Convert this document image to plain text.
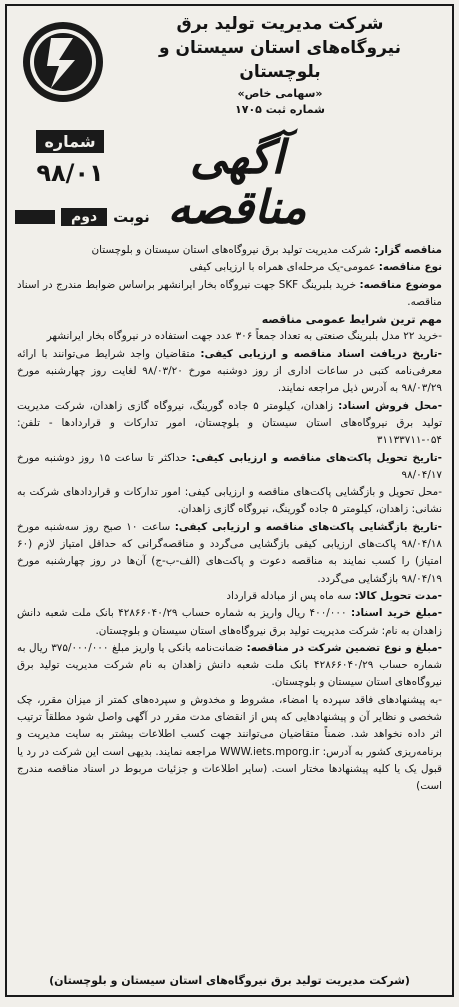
شرکت مدیریت تولید برق
نیروگاه‌های استان سیستان و بلوچستان
«سهامی خاص»
شماره ثبت ۱۷۰۵
آگهی مناقصه
شماره
۹۸/۰۱
نوبت
دوم

مناقصه گزار: شرکت مدیریت تولید برق نیروگاه‌های استان سیستان و بلوچستان

نوع مناقصه: عمومی-یک مرحله‌ای همراه با ارزیابی کیفی

موضوع مناقصه: خرید بلبرینگ SKF جهت نیروگاه بخار ایرانشهر براساس ضوابط مندرج در اسناد مناقصه.

مهم ترین شرایط عمومی مناقصه

-خرید ۲۲ مدل بلبرینگ صنعتی به تعداد جمعاً ۳۰۶ عدد جهت استفاده در نیروگاه بخار ایرانشهر

-تاریخ دریافت اسناد مناقصه و ارزیابی کیفی: متقاضیان واجد شرایط می‌توانند با ارائه معرفی‌نامه کتبی در ساعات اداری از روز دوشنبه مورخ ۹۸/۰۳/۲۰ لغایت روز چهارشنبه مورخ ۹۸/۰۳/۲۹ به آدرس ذیل مراجعه نمایند.

-محل فروش اسناد: زاهدان، کیلومتر ۵ جاده گورینگ، نیروگاه گازی زاهدان، شرکت مدیریت تولید برق نیروگاه‌های استان سیستان و بلوچستان، امور تدارکات و قراردادها - تلفن: ۰۵۴-۳۱۱۳۳۷۱۱

-تاریخ تحویل پاکت‌های مناقصه و ارزیابی کیفی: حداکثر تا ساعت ۱۵ روز دوشنبه مورخ ۹۸/۰۴/۱۷

-محل تحویل و بازگشایی پاکت‌های مناقصه و ارزیابی کیفی: امور تدارکات و قراردادهای شرکت به نشانی: زاهدان، کیلومتر ۵ جاده گورینگ، نیروگاه گازی زاهدان.

-تاریخ بازگشایی پاکت‌های مناقصه و ارزیابی کیفی: ساعت ۱۰ صبح روز سه‌شنبه مورخ ۹۸/۰۴/۱۸ پاکت‌های ارزیابی کیفی بازگشایی می‌گردد و مناقصه‌گرانی که حداقل امتیاز لازم (۶۰ امتیاز) را کسب نمایند به مناقصه دعوت و پاکت‌های (الف-ب-ج) آن‌ها در روز چهارشنبه مورخ ۹۸/۰۴/۱۹ بازگشایی می‌گردد.

-مدت تحویل کالا: سه ماه پس از مبادله قرارداد

-مبلغ خرید اسناد: ۴۰۰/۰۰۰ ریال واریز به شماره حساب ۴۲۸۶۶۰۴۰/۲۹ بانک ملت شعبه دانش زاهدان به نام: شرکت مدیریت تولید برق نیروگاه‌های استان سیستان و بلوچستان.

-مبلغ و نوع تضمین شرکت در مناقصه: ضمانت‌نامه بانکی یا واریز مبلغ ۳۷۵/۰۰۰/۰۰۰ ریال به شماره حساب ۴۲۸۶۶۰۴۰/۲۹ بانک ملت شعبه دانش زاهدان به نام شرکت مدیریت تولید برق نیروگاه‌های استان سیستان و بلوچستان.

-به پیشنهادهای فاقد سپرده یا امضاء، مشروط و مخدوش و سپرده‌های کمتر از میزان مقرر، چک شخصی و نظایر آن و پیشنهادهایی که پس از انقضای مدت مقرر در آگهی واصل شود مطلقاً ترتیب اثر داده نخواهد شد. ضمناً متقاضیان می‌توانند جهت کسب اطلاعات بیشتر به سایت مدیریت و برنامه‌ریزی کشور به آدرس: WWW.iets.mporg.ir مراجعه نمایند. بدیهی است این شرکت در رد یا قبول یک یا کلیه پیشنهادها مختار است. (سایر اطلاعات و جزئیات مربوط در اسناد مناقصه مندرج است)

(شرکت مدیریت تولید برق نیروگاه‌های استان سیستان و بلوچستان)
